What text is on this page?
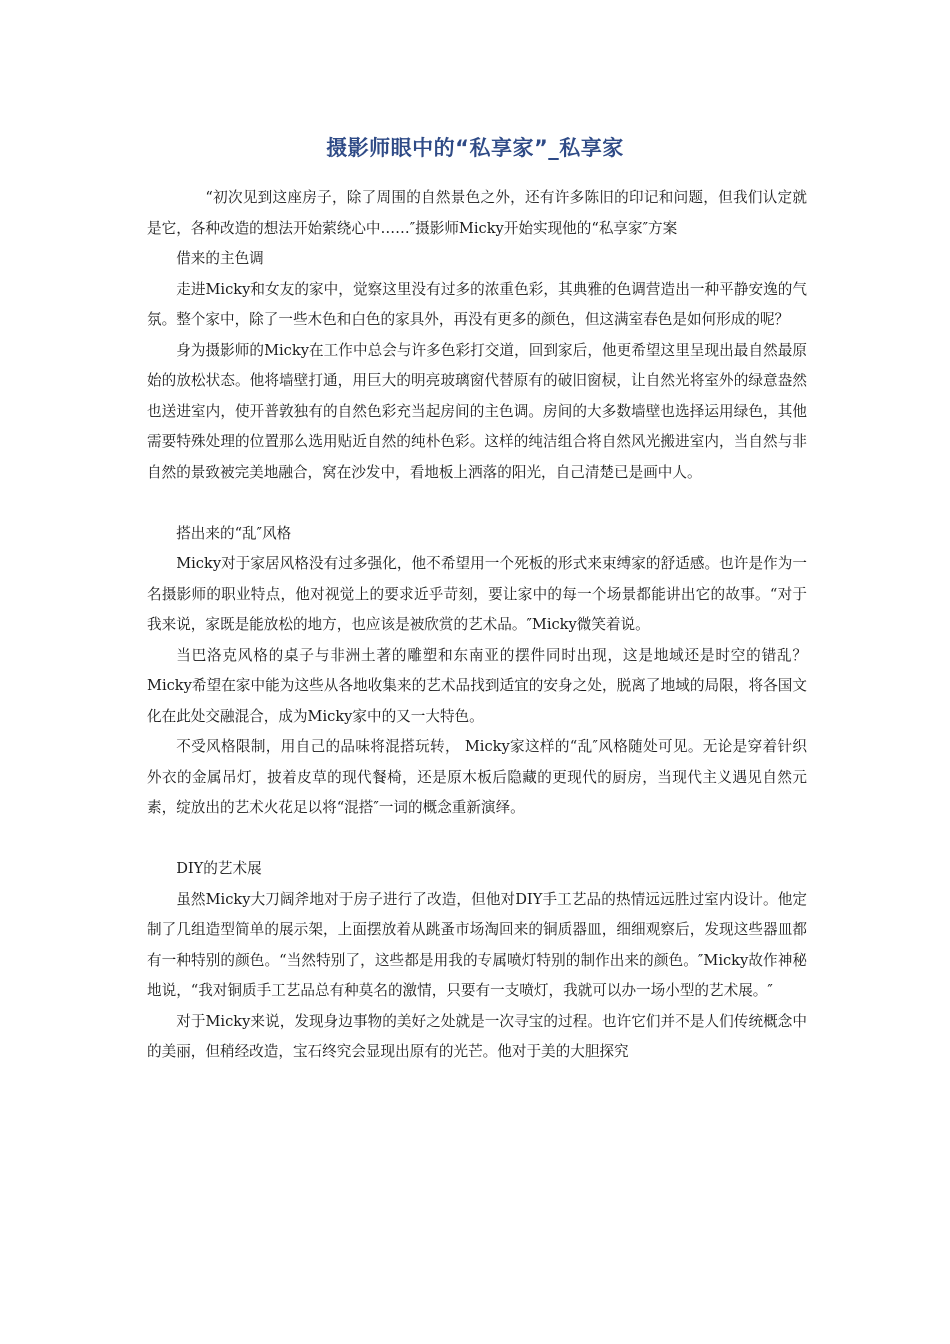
摄影师眼中的“私享家”_私享家

“初次见到这座房子，除了周围的自然景色之外，还有许多陈旧的印记和问题，但我们认定就是它，各种改造的想法开始萦绕心中……″摄影师Micky开始实现他的“私享家″方案

借来的主色调

走进Micky和女友的家中，觉察这里没有过多的浓重色彩，其典雅的色调营造出一种平静安逸的气氛。整个家中，除了一些木色和白色的家具外，再没有更多的颜色，但这满室春色是如何形成的呢？

身为摄影师的Micky在工作中总会与许多色彩打交道，回到家后，他更希望这里呈现出最自然最原始的放松状态。他将墙壁打通，用巨大的明亮玻璃窗代替原有的破旧窗棂，让自然光将室外的绿意盎然也送进室内，使开普敦独有的自然色彩充当起房间的主色调。房间的大多数墙壁也选择运用绿色，其他需要特殊处理的位置那么选用贴近自然的纯朴色彩。这样的纯洁组合将自然风光搬进室内，当自然与非自然的景致被完美地融合，窝在沙发中，看地板上洒落的阳光，自己清楚已是画中人。

搭出来的“乱″风格

Micky对于家居风格没有过多强化，他不希望用一个死板的形式来束缚家的舒适感。也许是作为一名摄影师的职业特点，他对视觉上的要求近乎苛刻，要让家中的每一个场景都能讲出它的故事。“对于我来说，家既是能放松的地方，也应该是被欣赏的艺术品。″Micky微笑着说。

当巴洛克风格的桌子与非洲土著的雕塑和东南亚的摆件同时出现，这是地域还是时空的错乱？Micky希望在家中能为这些从各地收集来的艺术品找到适宜的安身之处，脱离了地域的局限，将各国文化在此处交融混合，成为Micky家中的又一大特色。

不受风格限制，用自己的品味将混搭玩转， Micky家这样的“乱″风格随处可见。无论是穿着针织外衣的金属吊灯，披着皮草的现代餐椅，还是原木板后隐藏的更现代的厨房，当现代主义遇见自然元素，绽放出的艺术火花足以将“混搭″一词的概念重新演绎。

DIY的艺术展

虽然Micky大刀阔斧地对于房子进行了改造，但他对DIY手工艺品的热情远远胜过室内设计。他定制了几组造型简单的展示架，上面摆放着从跳蚤市场淘回来的铜质器皿，细细观察后，发现这些器皿都有一种特别的颜色。“当然特别了，这些都是用我的专属喷灯特别的制作出来的颜色。″Micky故作神秘地说，“我对铜质手工艺品总有种莫名的激情，只要有一支喷灯，我就可以办一场小型的艺术展。″

对于Micky来说，发现身边事物的美好之处就是一次寻宝的过程。也许它们并不是人们传统概念中的美丽，但稍经改造，宝石终究会显现出原有的光芒。他对于美的大胆探究
